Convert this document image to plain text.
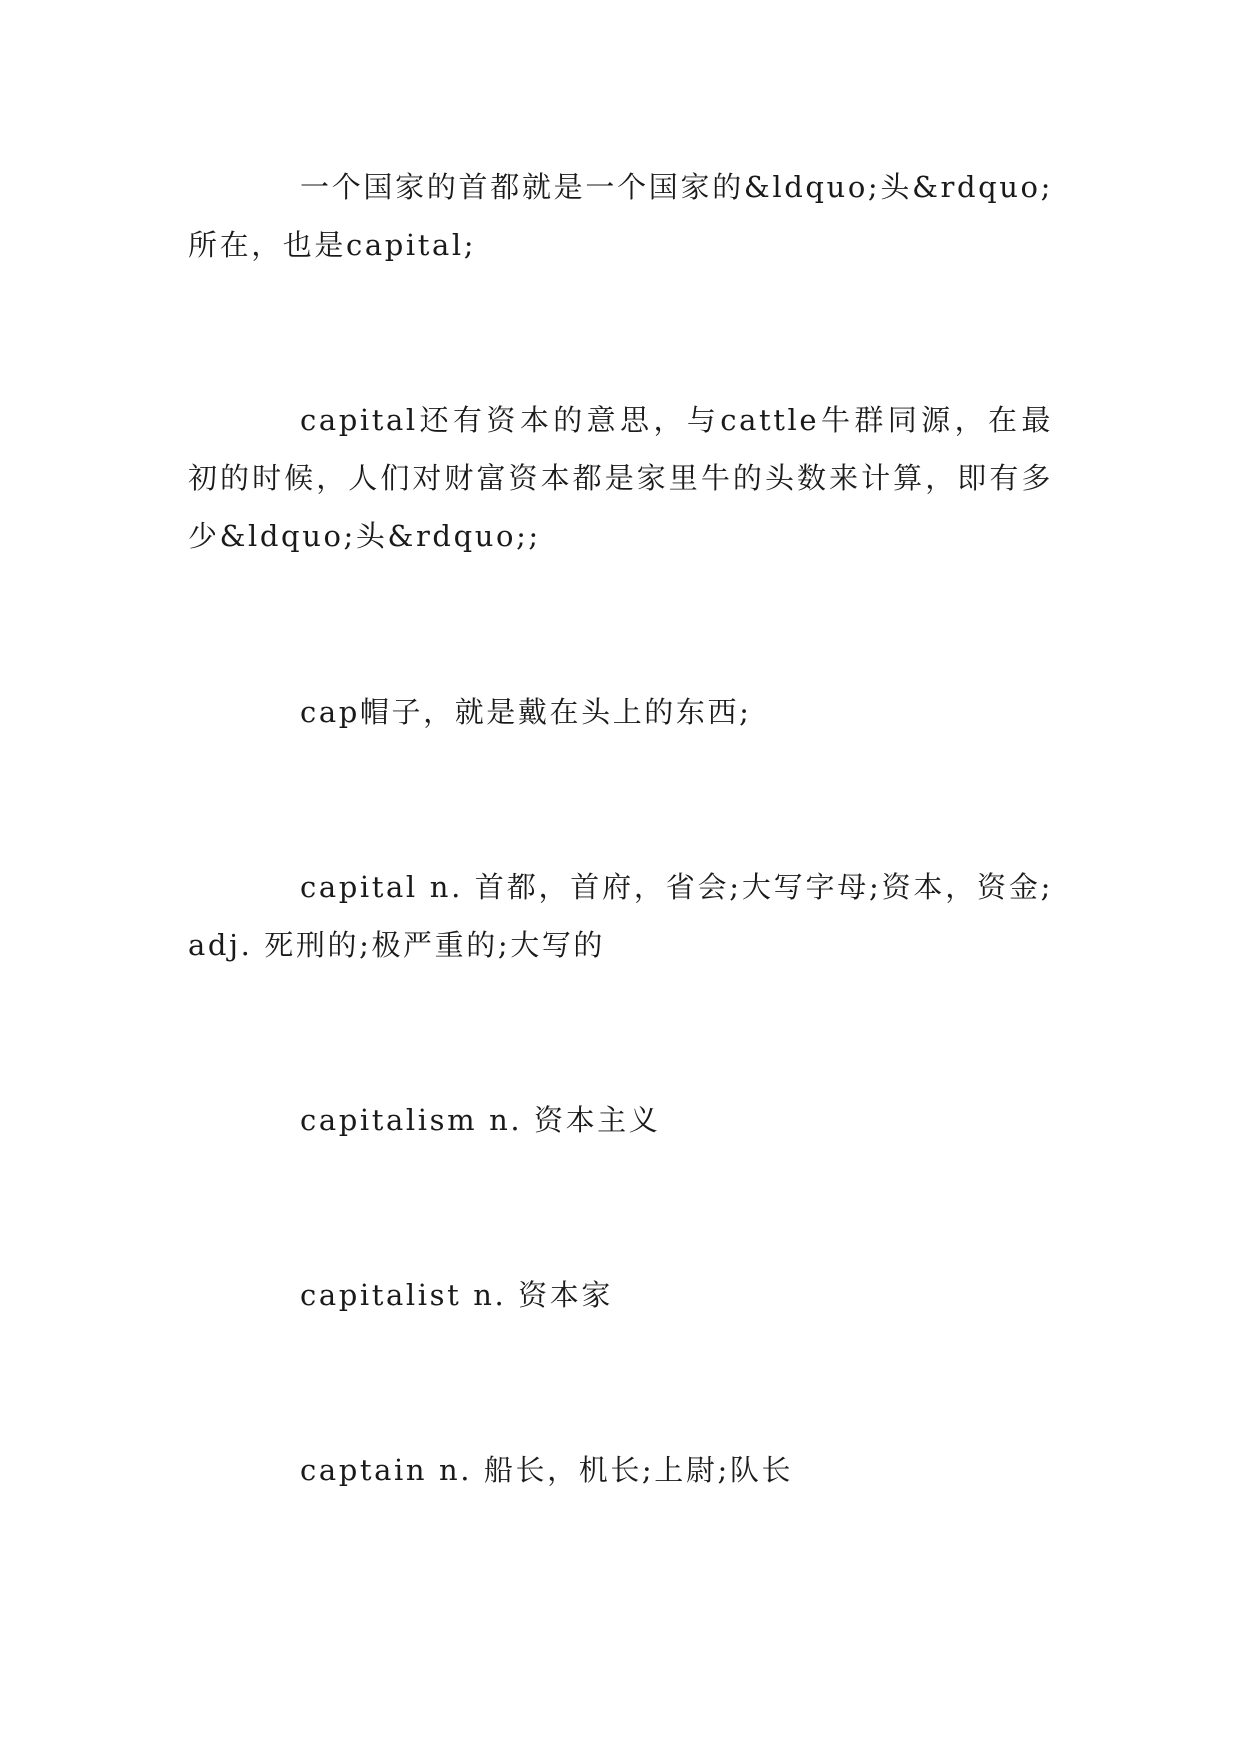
一个国家的首都就是一个国家的&ldquo;头&rdquo;所在，也是capital;

capital还有资本的意思，与cattle牛群同源，在最初的时候，人们对财富资本都是家里牛的头数来计算，即有多少&ldquo;头&rdquo;;

cap帽子，就是戴在头上的东西;

capital n. 首都，首府，省会;大写字母;资本，资金; adj. 死刑的;极严重的;大写的

capitalism n. 资本主义

capitalist n. 资本家

captain n. 船长，机长;上尉;队长
